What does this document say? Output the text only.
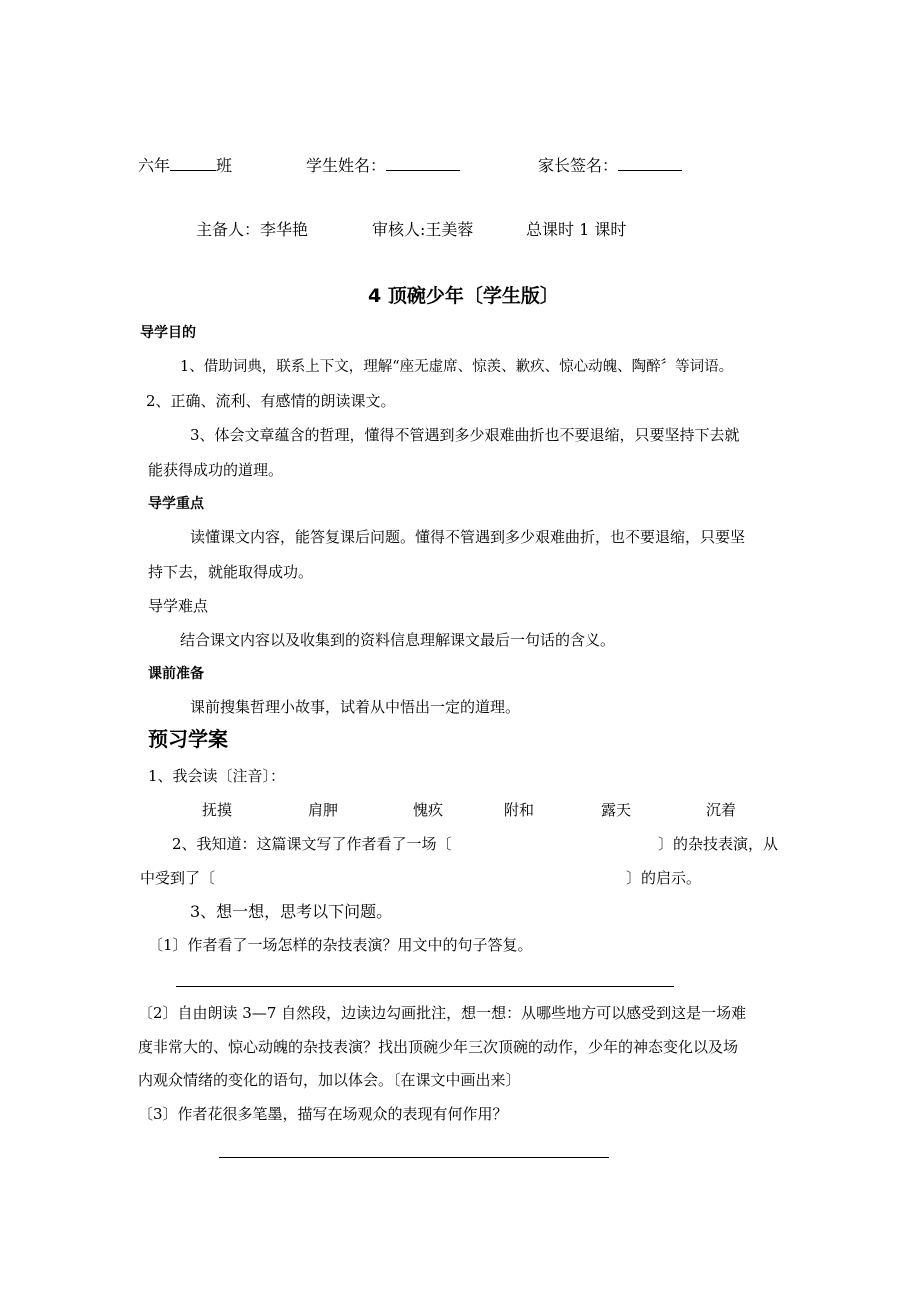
六年	班	学生姓名：	家长签名：
主备人：李华艳	审核人:王美蓉	总课时 1 课时
4 顶碗少年〔学生版〕
导学目的
1、借助词典，联系上下文，理解“座无虚席、惊羡、歉疚、惊心动魄、陶醉〞等词语。
2、正确、流利、有感情的朗读课文。
3、体会文章蕴含的哲理，懂得不管遇到多少艰难曲折也不要退缩，只要坚持下去就
能获得成功的道理。
导学重点
读懂课文内容，能答复课后问题。懂得不管遇到多少艰难曲折，也不要退缩，只要坚
持下去，就能取得成功。
导学难点
结合课文内容以及收集到的资料信息理解课文最后一句话的含义。
课前准备
课前搜集哲理小故事，试着从中悟出一定的道理。
预习学案
1、我会读〔注音〕：
抚摸	肩胛	愧疚	附和	露天	沉着
2、我知道：这篇课文写了作者看了一场〔	〕的杂技表演，从
中受到了〔	〕的启示。
3、想一想，思考以下问题。
〔1〕作者看了一场怎样的杂技表演？用文中的句子答复。
〔2〕自由朗读 3—7 自然段，边读边勾画批注，想一想：从哪些地方可以感受到这是一场难
度非常大的、惊心动魄的杂技表演？找出顶碗少年三次顶碗的动作，少年的神态变化以及场
内观众情绪的变化的语句，加以体会。〔在课文中画出来〕
〔3〕作者花很多笔墨，描写在场观众的表现有何作用？
